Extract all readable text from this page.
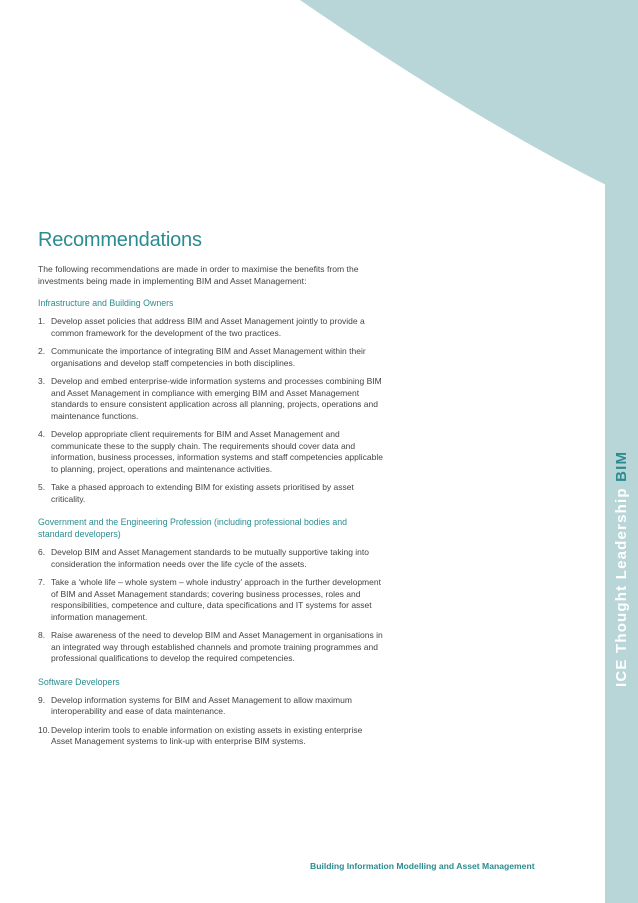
ICE Thought Leadership BIM
Recommendations

The following recommendations are made in order to maximise the benefits from the investments being made in implementing BIM and Asset Management:

Infrastructure and Building Owners
1. Develop asset policies that address BIM and Asset Management jointly to provide a common framework for the development of the two practices.
2. Communicate the importance of integrating BIM and Asset Management within their organisations and develop staff competencies in both disciplines.
3. Develop and embed enterprise-wide information systems and processes combining BIM and Asset Management in compliance with emerging BIM and Asset Management standards to ensure consistent application across all planning, projects, operations and maintenance functions.
4. Develop appropriate client requirements for BIM and Asset Management and communicate these to the supply chain. The requirements should cover data and information, business processes, information systems and staff competencies applicable to planning, project, operations and maintenance activities.
5. Take a phased approach to extending BIM for existing assets prioritised by asset criticality.
Government and the Engineering Profession (including professional bodies and standard developers)
6. Develop BIM and Asset Management standards to be mutually supportive taking into consideration the information needs over the life cycle of the assets.
7. Take a ‘whole life – whole system – whole industry’ approach in the further development of BIM and Asset Management standards; covering business processes, roles and responsibilities, competence and culture, data specifications and IT systems for asset information management.
8. Raise awareness of the need to develop BIM and Asset Management in organisations in an integrated way through established channels and promote training programmes and professional qualifications to develop the required competencies.
Software Developers
9. Develop information systems for BIM and Asset Management to allow maximum interoperability and ease of data maintenance.
10. Develop interim tools to enable information on existing assets in existing enterprise Asset Management systems to link-up with enterprise BIM systems.
Building Information Modelling and Asset Management
